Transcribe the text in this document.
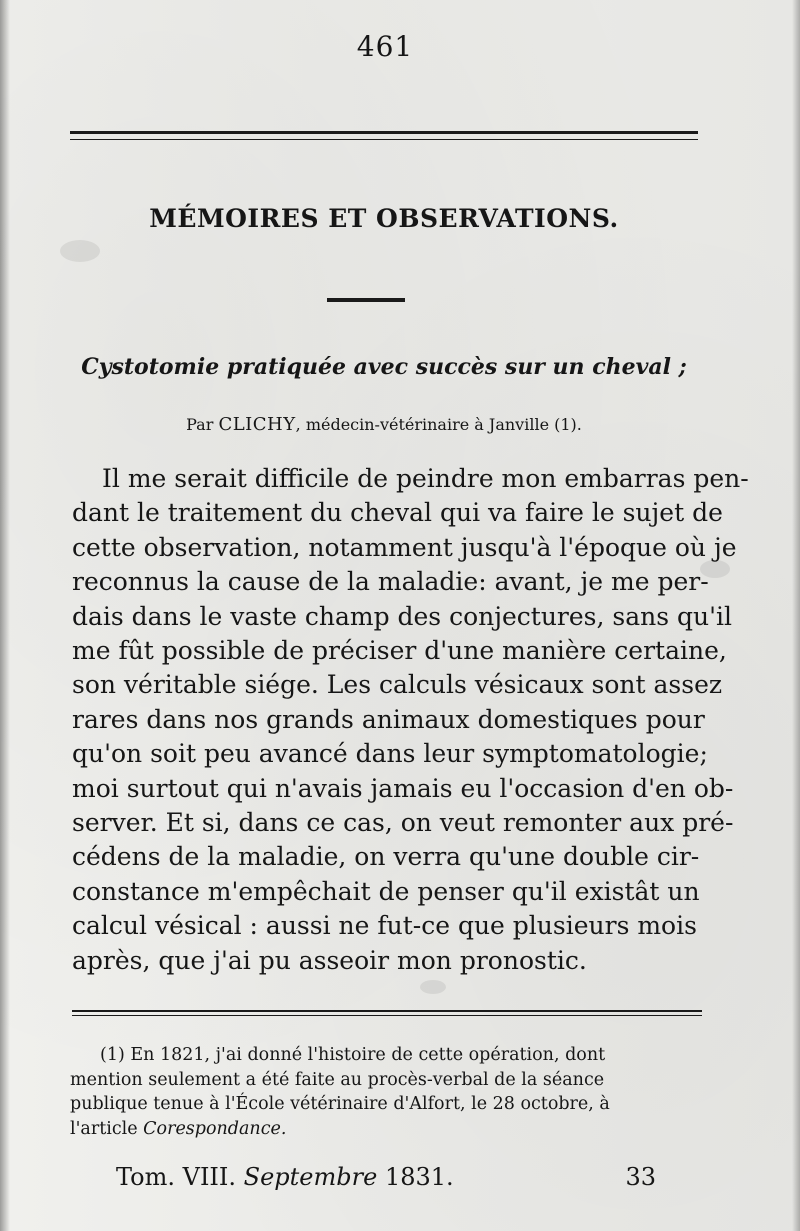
461
MÉMOIRES ET OBSERVATIONS.
Cystotomie pratiquée avec succès sur un cheval ;
Par CLICHY, médecin-vétérinaire à Janville (1).

Il me serait difficile de peindre mon embarras pen-
dant le traitement du cheval qui va faire le sujet de
cette observation, notamment jusqu'à l'époque où je
reconnus la cause de la maladie: avant, je me per-
dais dans le vaste champ des conjectures, sans qu'il
me fût possible de préciser d'une manière certaine,
son véritable siége. Les calculs vésicaux sont assez
rares dans nos grands animaux domestiques pour
qu'on soit peu avancé dans leur symptomatologie;
moi surtout qui n'avais jamais eu l'occasion d'en ob-
server. Et si, dans ce cas, on veut remonter aux pré-
cédens de la maladie, on verra qu'une double cir-
constance m'empêchait de penser qu'il existât un
calcul vésical : aussi ne fut-ce que plusieurs mois
après, que j'ai pu asseoir mon pronostic.

(1) En 1821, j'ai donné l'histoire de cette opération, dont
mention seulement a été faite au procès-verbal de la séance
publique tenue à l'École vétérinaire d'Alfort, le 28 octobre, à
l'article Corespondance.

Tom. VIII. Septembre 1831.	33
